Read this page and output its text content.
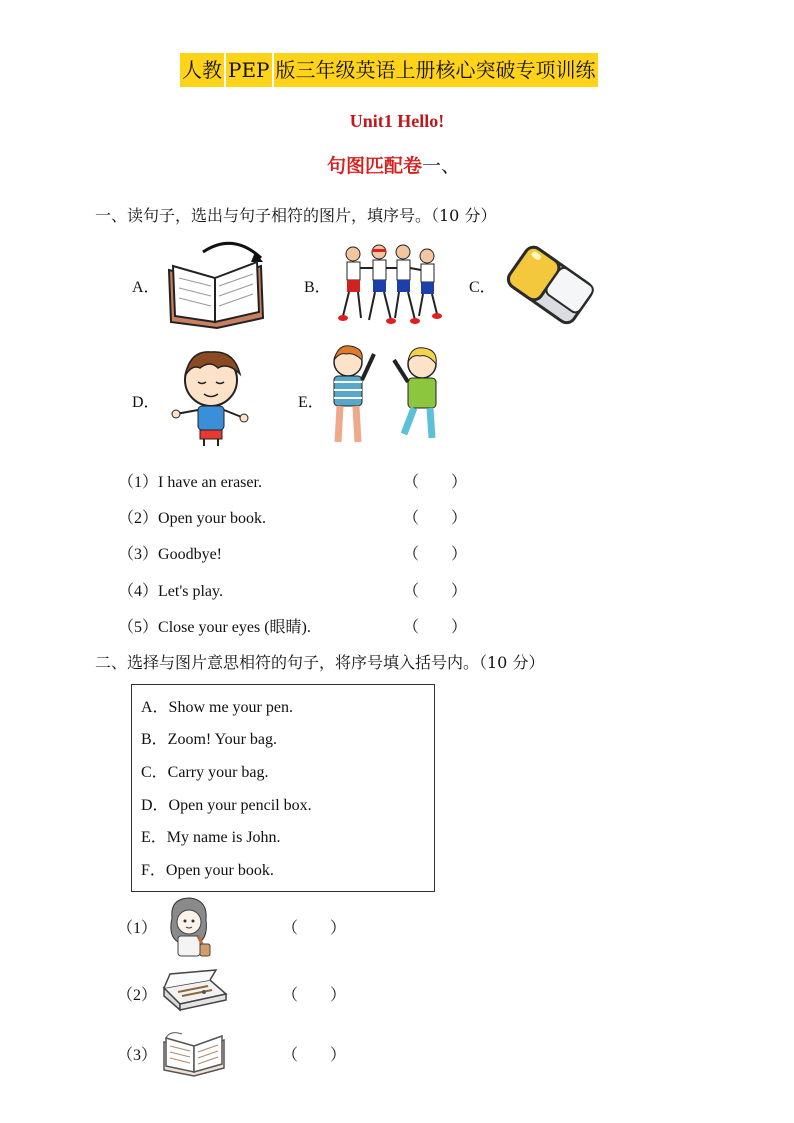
人教 PEP 版三年级英语上册核心突破专项训练
Unit1 Hello!
句图匹配卷一、
一、读句子，选出与句子相符的图片，填序号。（10 分）
A．	B．	C．
D．	E．
（1）I have an eraser.	（　　）
（2）Open your book.	（　　）
（3）Goodbye!	（　　）
（4）Let's play.	（　　）
（5）Close your eyes (眼睛).	（　　）
二、选择与图片意思相符的句子，将序号填入括号内。（10 分）
A．Show me your pen.
B．Zoom! Your bag.
C．Carry your bag.
D．Open your pencil box.
E．My name is John.
F．Open your book.
（1）	（　　）
（2）	（　　）
（3）	（　　）
